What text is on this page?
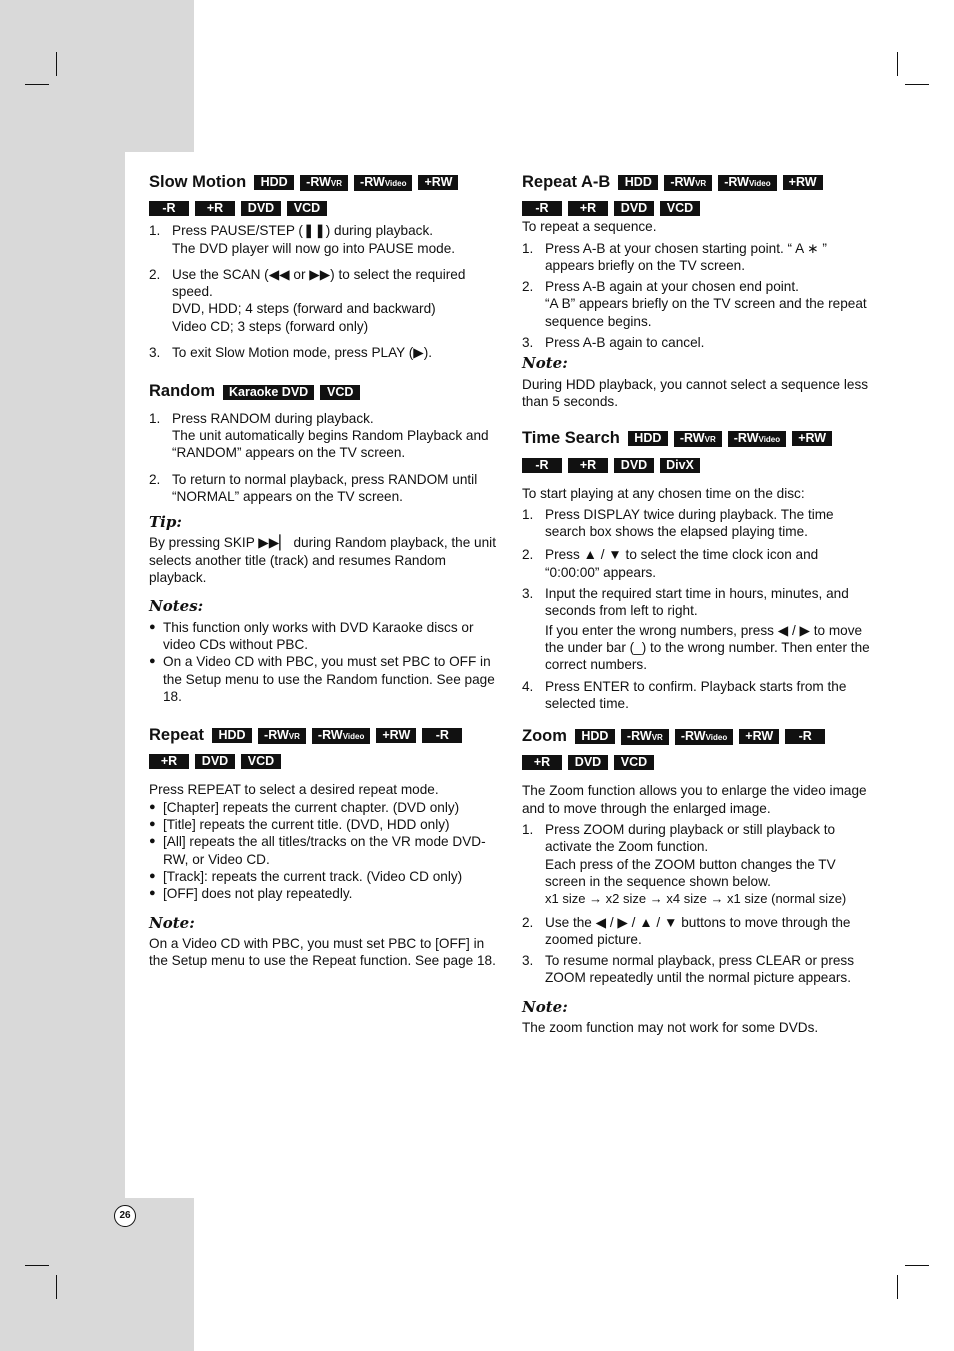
26
Slow Motion	HDD	-RWVR	-RWVideo	+RW
-R	+R	DVD	VCD
1. Press PAUSE/STEP (❚❚) during playback.
The DVD player will now go into PAUSE mode.
2. Use the SCAN (◀◀ or ▶▶) to select the required speed.
DVD, HDD; 4 steps (forward and backward)
Video CD; 3 steps (forward only)
3. To exit Slow Motion mode, press PLAY (▶).
Random	Karaoke DVD	VCD
1. Press RANDOM during playback.
The unit automatically begins Random Playback and “RANDOM” appears on the TV screen.
2. To return to normal playback, press RANDOM until “NORMAL” appears on the TV screen.
Tip:

By pressing SKIP ▶▶▏ during Random playback, the unit selects another title (track) and resumes Random playback.

Notes:
● This function only works with DVD Karaoke discs or video CDs without PBC.
● On a Video CD with PBC, you must set PBC to OFF in the Setup menu to use the Random function. See page 18.
Repeat	HDD	-RWVR	-RWVideo	+RW	-R
+R	DVD	VCD

Press REPEAT to select a desired repeat mode.

● [Chapter] repeats the current chapter. (DVD only)
● [Title] repeats the current title. (DVD, HDD only)
● [All] repeats the all titles/tracks on the VR mode DVD-RW, or Video CD.
● [Track]: repeats the current track. (Video CD only)
● [OFF] does not play repeatedly.
Note:

On a Video CD with PBC, you must set PBC to [OFF] in the Setup menu to use the Repeat function. See page 18.

Repeat A-B	HDD	-RWVR	-RWVideo	+RW
-R	+R	DVD	VCD

To repeat a sequence.

1. Press A-B at your chosen starting point. “ A ∗ ” appears briefly on the TV screen.
2. Press A-B again at your chosen end point.
“A B” appears briefly on the TV screen and the repeat sequence begins.
3. Press A-B again to cancel.
Note:

During HDD playback, you cannot select a sequence less than 5 seconds.

Time Search	HDD	-RWVR	-RWVideo	+RW
-R	+R	DVD	DivX

To start playing at any chosen time on the disc:

1. Press DISPLAY twice during playback. The time search box shows the elapsed playing time.
2. Press ▲ / ▼ to select the time clock icon and “0:00:00” appears.
3. Input the required start time in hours, minutes, and seconds from left to right.
If you enter the wrong numbers, press ◀ / ▶ to move the under bar (_) to the wrong number. Then enter the correct numbers.
4. Press ENTER to confirm. Playback starts from the selected time.
Zoom	HDD	-RWVR	-RWVideo	+RW	-R
+R	DVD	VCD

The Zoom function allows you to enlarge the video image and to move through the enlarged image.

1. Press ZOOM during playback or still playback to activate the Zoom function.
Each press of the ZOOM button changes the TV screen in the sequence shown below.
x1 size → x2 size → x4 size → x1 size (normal size)
2. Use the ◀ / ▶ / ▲ / ▼ buttons to move through the zoomed picture.
3. To resume normal playback, press CLEAR or press ZOOM repeatedly until the normal picture appears.
Note:

The zoom function may not work for some DVDs.
